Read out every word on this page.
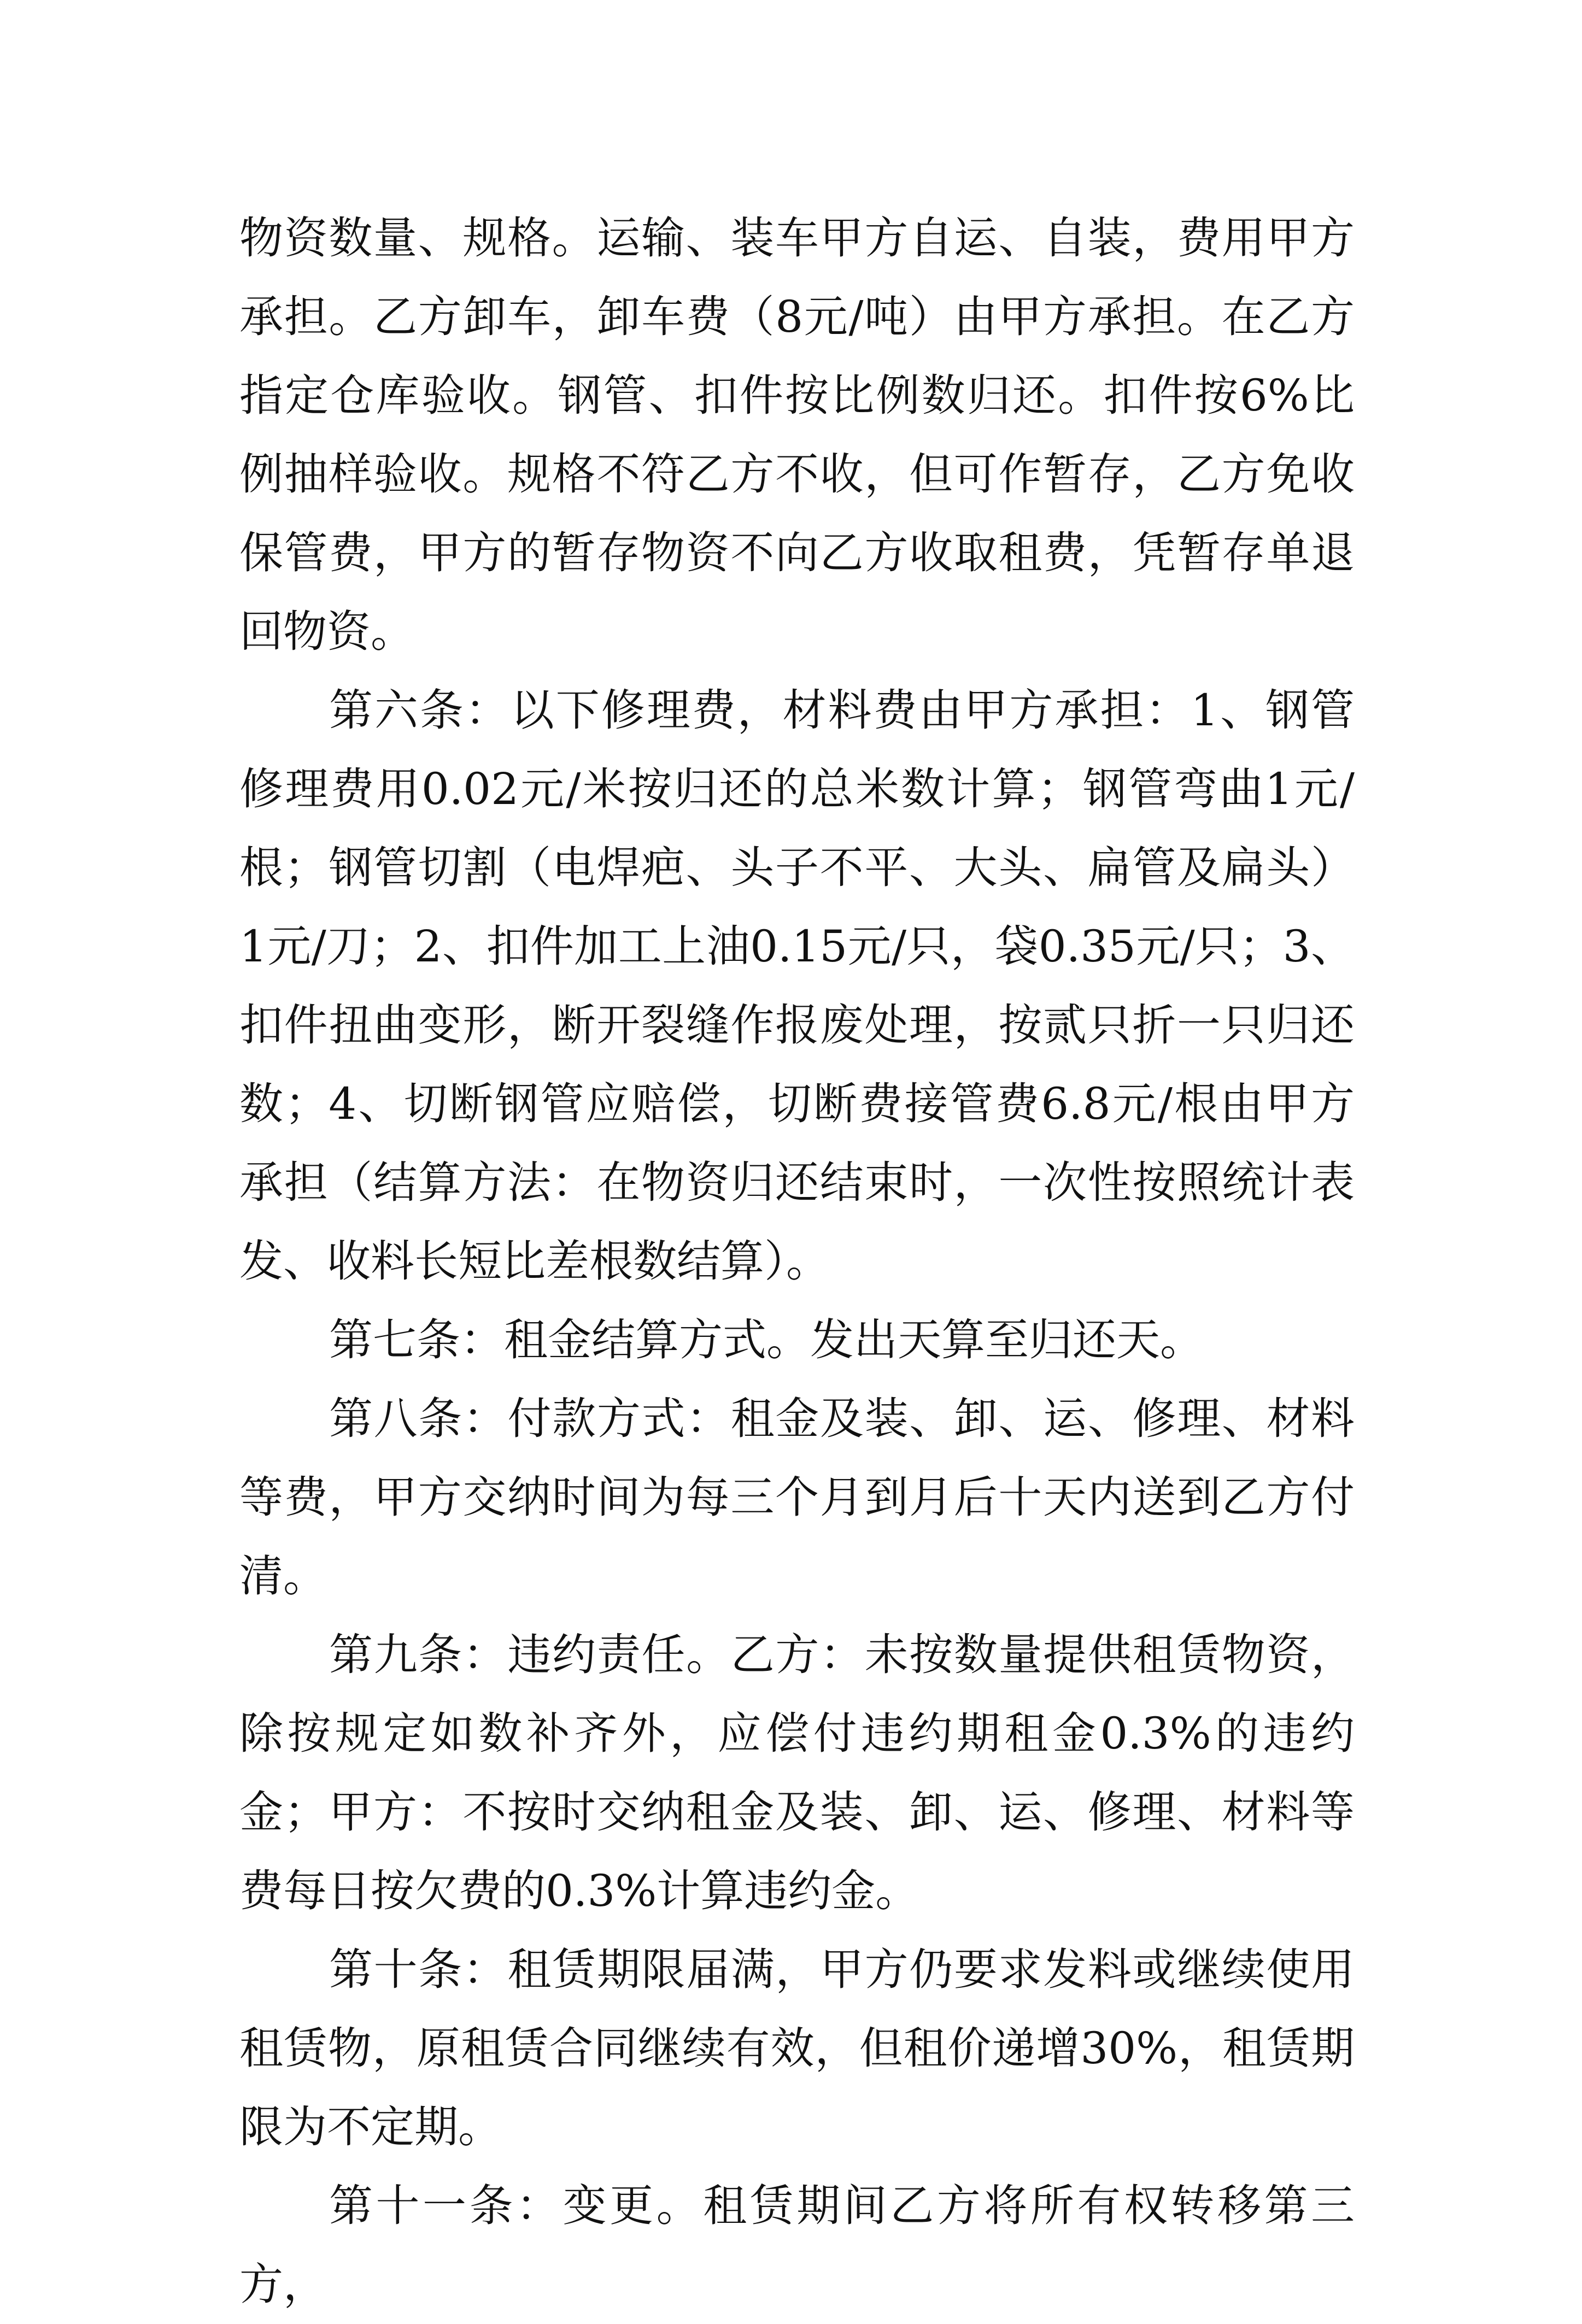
物资数量、规格。运输、装车甲方自运、自装，费用甲方承担。乙方卸车，卸车费（8元/吨）由甲方承担。在乙方指定仓库验收。钢管、扣件按比例数归还。扣件按6%比例抽样验收。规格不符乙方不收，但可作暂存，乙方免收保管费，甲方的暂存物资不向乙方收取租费，凭暂存单退回物资。

第六条：以下修理费，材料费由甲方承担：1、钢管修理费用0.02元/米按归还的总米数计算；钢管弯曲1元/根；钢管切割（电焊疤、头子不平、大头、扁管及扁头）1元/刀；2、扣件加工上油0.15元/只，袋0.35元/只；3、扣件扭曲变形，断开裂缝作报废处理，按贰只折一只归还数；4、切断钢管应赔偿，切断费接管费6.8元/根由甲方承担（结算方法：在物资归还结束时，一次性按照统计表发、收料长短比差根数结算）。

第七条：租金结算方式。发出天算至归还天。

第八条：付款方式：租金及装、卸、运、修理、材料等费，甲方交纳时间为每三个月到月后十天内送到乙方付清。

第九条：违约责任。乙方：未按数量提供租赁物资，除按规定如数补齐外，应偿付违约期租金0.3%的违约金；甲方：不按时交纳租金及装、卸、运、修理、材料等费每日按欠费的0.3%计算违约金。

第十条：租赁期限届满，甲方仍要求发料或继续使用租赁物，原租赁合同继续有效，但租价递增30%，租赁期限为不定期。

第十一条：变更。租赁期间乙方将所有权转移第三方，
